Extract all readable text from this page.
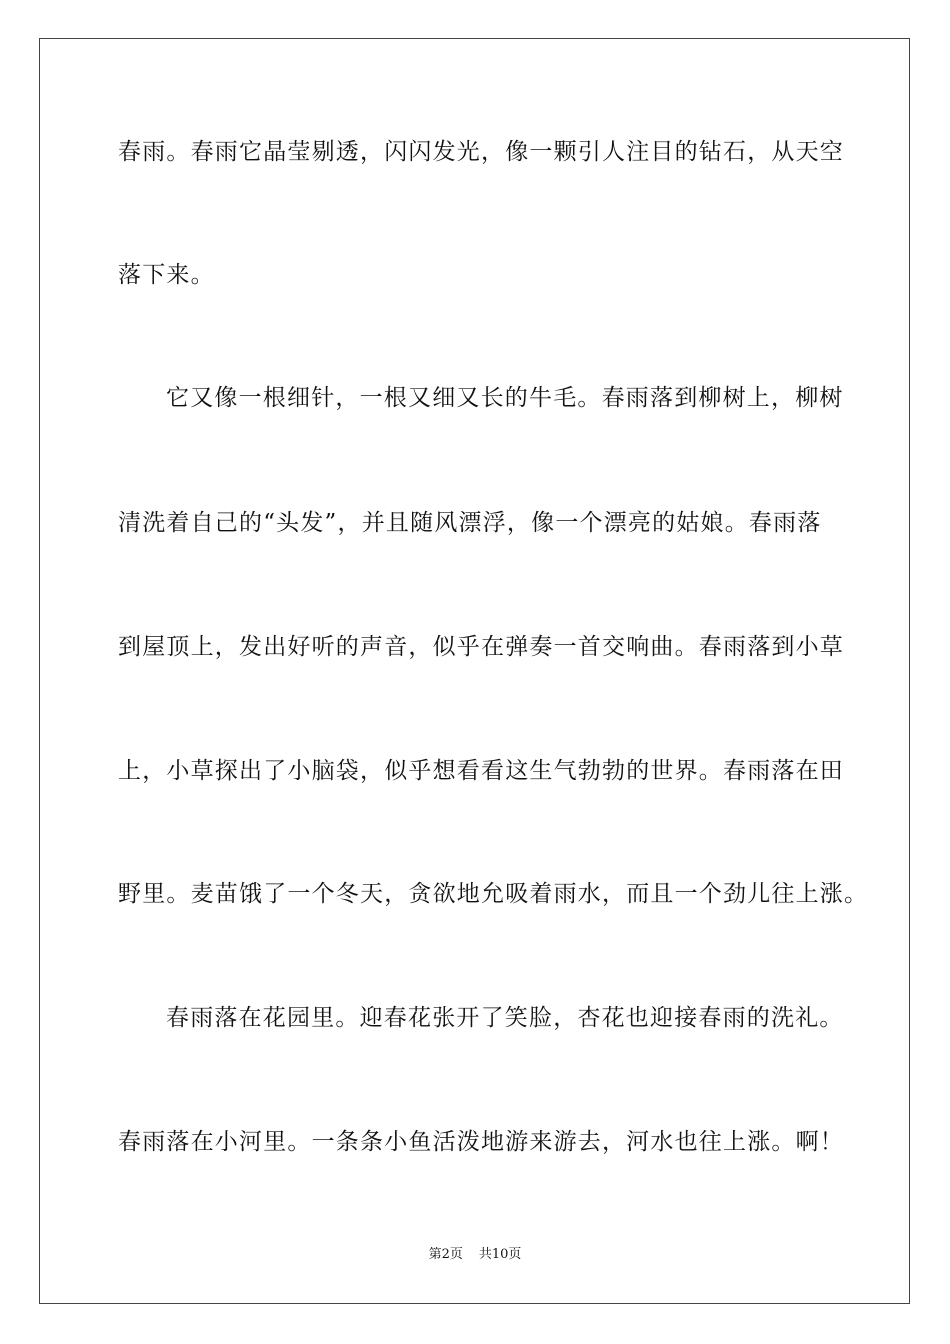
春雨。春雨它晶莹剔透，闪闪发光，像一颗引人注目的钻石，从天空
落下来。
它又像一根细针，一根又细又长的牛毛。春雨落到柳树上，柳树
清洗着自己的“头发”，并且随风漂浮，像一个漂亮的姑娘。春雨落
到屋顶上，发出好听的声音，似乎在弹奏一首交响曲。春雨落到小草
上，小草探出了小脑袋，似乎想看看这生气勃勃的世界。春雨落在田
野里。麦苗饿了一个冬天，贪欲地允吸着雨水，而且一个劲儿往上涨。
春雨落在花园里。迎春花张开了笑脸，杏花也迎接春雨的洗礼。
春雨落在小河里。一条条小鱼活泼地游来游去，河水也往上涨。啊！
第2页 共10页
